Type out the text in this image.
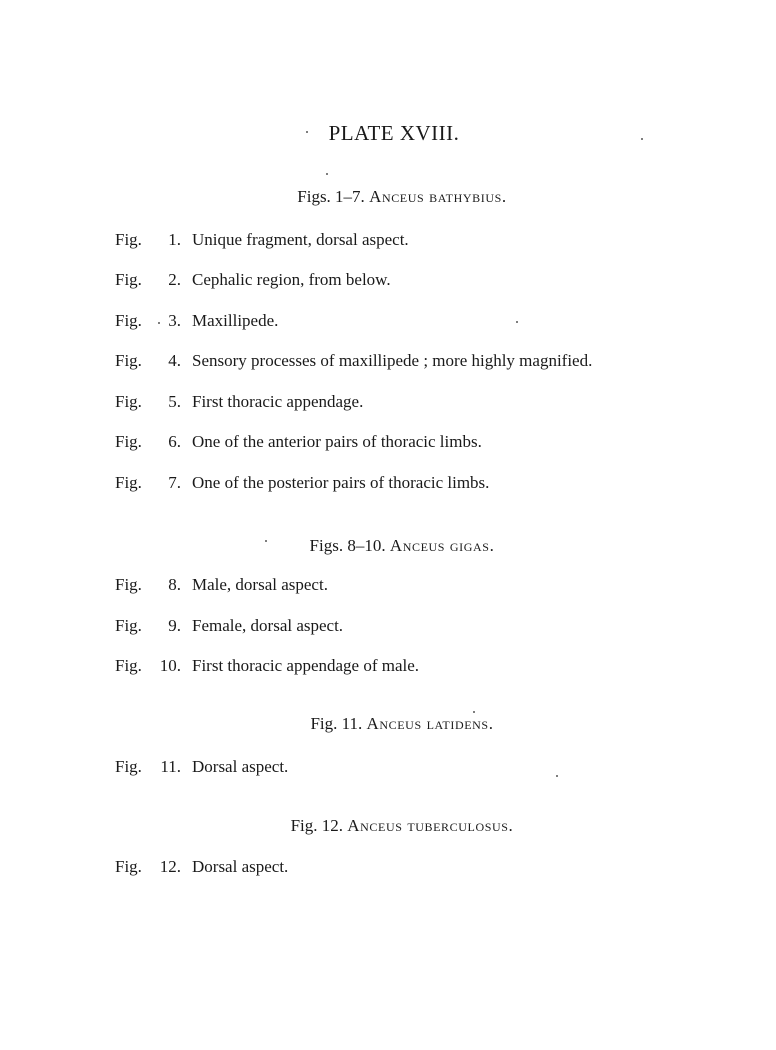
PLATE XVIII.
Figs. 1–7. Anceus bathybius.
Fig.	1. Unique fragment, dorsal aspect.
Fig.	2. Cephalic region, from below.
Fig.	3. Maxillipede.
Fig.	4. Sensory processes of maxillipede ; more highly magnified.
Fig.	5. First thoracic appendage.
Fig.	6. One of the anterior pairs of thoracic limbs.
Fig.	7. One of the posterior pairs of thoracic limbs.
Figs. 8–10. Anceus gigas.
Fig.	8. Male, dorsal aspect.
Fig.	9. Female, dorsal aspect.
Fig.	10. First thoracic appendage of male.
Fig. 11. Anceus latidens.
Fig.	11. Dorsal aspect.
Fig. 12. Anceus tuberculosus.
Fig.	12. Dorsal aspect.
